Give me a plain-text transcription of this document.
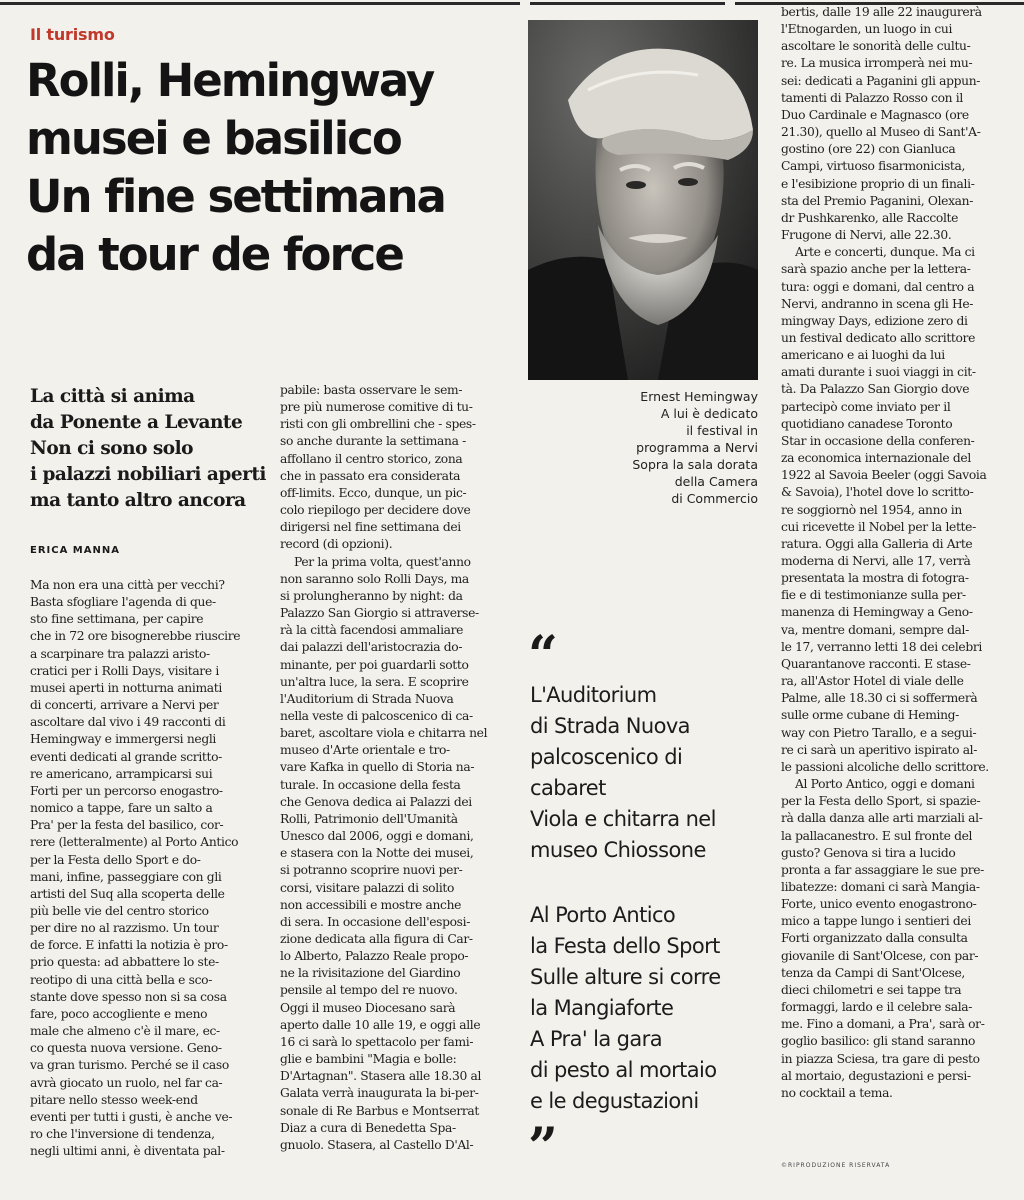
Il turismo
Rolli, Hemingway
musei e basilico
Un fine settimana
da tour de force
Ernest Hemingway
A lui è dedicato
il festival in
programma a Nervi
Sopra la sala dorata
della Camera
di Commercio
La città si anima
da Ponente a Levante
Non ci sono solo
i palazzi nobiliari aperti
ma tanto altro ancora
ERICA MANNA
Ma non era una città per vecchi?
Basta sfogliare l'agenda di que-
sto fine settimana, per capire
che in 72 ore bisognerebbe riuscire
a scarpinare tra palazzi aristo-
cratici per i Rolli Days, visitare i
musei aperti in notturna animati
di concerti, arrivare a Nervi per
ascoltare dal vivo i 49 racconti di
Hemingway e immergersi negli
eventi dedicati al grande scritto-
re americano, arrampicarsi sui
Forti per un percorso enogastro-
nomico a tappe, fare un salto a
Pra' per la festa del basilico, cor-
rere (letteralmente) al Porto Antico
per la Festa dello Sport e do-
mani, infine, passeggiare con gli
artisti del Suq alla scoperta delle
più belle vie del centro storico
per dire no al razzismo. Un tour
de force. E infatti la notizia è pro-
prio questa: ad abbattere lo ste-
reotipo di una città bella e sco-
stante dove spesso non si sa cosa
fare, poco accogliente e meno
male che almeno c'è il mare, ec-
co questa nuova versione. Geno-
va gran turismo. Perché se il caso
avrà giocato un ruolo, nel far ca-
pitare nello stesso week-end
eventi per tutti i gusti, è anche ve-
ro che l'inversione di tendenza,
negli ultimi anni, è diventata pal-
pabile: basta osservare le sem-
pre più numerose comitive di tu-
risti con gli ombrellini che - spes-
so anche durante la settimana -
affollano il centro storico, zona
che in passato era considerata
off-limits. Ecco, dunque, un pic-
colo riepilogo per decidere dove
dirigersi nel fine settimana dei
record (di opzioni).
Per la prima volta, quest'anno
non saranno solo Rolli Days, ma
si prolungheranno by night: da
Palazzo San Giorgio si attraverse-
rà la città facendosi ammaliare
dai palazzi dell'aristocrazia do-
minante, per poi guardarli sotto
un'altra luce, la sera. E scoprire
l'Auditorium di Strada Nuova
nella veste di palcoscenico di ca-
baret, ascoltare viola e chitarra nel
museo d'Arte orientale e tro-
vare Kafka in quello di Storia na-
turale. In occasione della festa
che Genova dedica ai Palazzi dei
Rolli, Patrimonio dell'Umanità
Unesco dal 2006, oggi e domani,
e stasera con la Notte dei musei,
si potranno scoprire nuovi per-
corsi, visitare palazzi di solito
non accessibili e mostre anche
di sera. In occasione dell'esposi-
zione dedicata alla figura di Car-
lo Alberto, Palazzo Reale propo-
ne la rivisitazione del Giardino
pensile al tempo del re nuovo.
Oggi il museo Diocesano sarà
aperto dalle 10 alle 19, e oggi alle
16 ci sarà lo spettacolo per fami-
glie e bambini "Magia e bolle:
D'Artagnan". Stasera alle 18.30 al
Galata verrà inaugurata la bi-per-
sonale di Re Barbus e Montserrat
Diaz a cura di Benedetta Spa-
gnuolo. Stasera, al Castello D'Al-
bertis, dalle 19 alle 22 inaugurerà
l'Etnogarden, un luogo in cui
ascoltare le sonorità delle cultu-
re. La musica irromperà nei mu-
sei: dedicati a Paganini gli appun-
tamenti di Palazzo Rosso con il
Duo Cardinale e Magnasco (ore
21.30), quello al Museo di Sant'A-
gostino (ore 22) con Gianluca
Campi, virtuoso fisarmonicista,
e l'esibizione proprio di un finali-
sta del Premio Paganini, Olexan-
dr Pushkarenko, alle Raccolte
Frugone di Nervi, alle 22.30.
Arte e concerti, dunque. Ma ci
sarà spazio anche per la lettera-
tura: oggi e domani, dal centro a
Nervi, andranno in scena gli He-
mingway Days, edizione zero di
un festival dedicato allo scrittore
americano e ai luoghi da lui
amati durante i suoi viaggi in cit-
tà. Da Palazzo San Giorgio dove
partecipò come inviato per il
quotidiano canadese Toronto
Star in occasione della conferen-
za economica internazionale del
1922 al Savoia Beeler (oggi Savoia
& Savoia), l'hotel dove lo scritto-
re soggiornò nel 1954, anno in
cui ricevette il Nobel per la lette-
ratura. Oggi alla Galleria di Arte
moderna di Nervi, alle 17, verrà
presentata la mostra di fotogra-
fie e di testimonianze sulla per-
manenza di Hemingway a Geno-
va, mentre domani, sempre dal-
le 17, verranno letti 18 dei celebri
Quarantanove racconti. E stase-
ra, all'Astor Hotel di viale delle
Palme, alle 18.30 ci si soffermerà
sulle orme cubane di Heming-
way con Pietro Tarallo, e a segui-
re ci sarà un aperitivo ispirato al-
le passioni alcoliche dello scrittore.
Al Porto Antico, oggi e domani
per la Festa dello Sport, si spazie-
rà dalla danza alle arti marziali al-
la pallacanestro. E sul fronte del
gusto? Genova si tira a lucido
pronta a far assaggiare le sue pre-
libatezze: domani ci sarà Mangia-
Forte, unico evento enogastrono-
mico a tappe lungo i sentieri dei
Forti organizzato dalla consulta
giovanile di Sant'Olcese, con par-
tenza da Campi di Sant'Olcese,
dieci chilometri e sei tappe tra
formaggi, lardo e il celebre sala-
me. Fino a domani, a Pra', sarà or-
goglio basilico: gli stand saranno
in piazza Sciesa, tra gare di pesto
al mortaio, degustazioni e persi-
no cocktail a tema.
“
L'Auditorium
di Strada Nuova
palcoscenico di
cabaret
Viola e chitarra nel
museo Chiossone
Al Porto Antico
la Festa dello Sport
Sulle alture si corre
la Mangiaforte
A Pra' la gara
di pesto al mortaio
e le degustazioni
”	©RIPRODUZIONE RISERVATA
